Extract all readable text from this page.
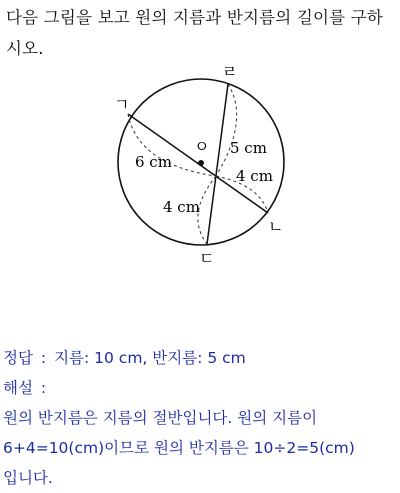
다음 그림을 보고 원의 지름과 반지름의 길이를 구하
시오.
ㄱ
ㄹ
ㄴ
ㄷ
ㅇ
6 cm
5 cm
4 cm
4 cm
정답 : 지름: 10 cm, 반지름: 5 cm
해설 :
원의 반지름은 지름의 절반입니다. 원의 지름이
6+4=10(cm)이므로 원의 반지름은 10÷2=5(cm)
입니다.
